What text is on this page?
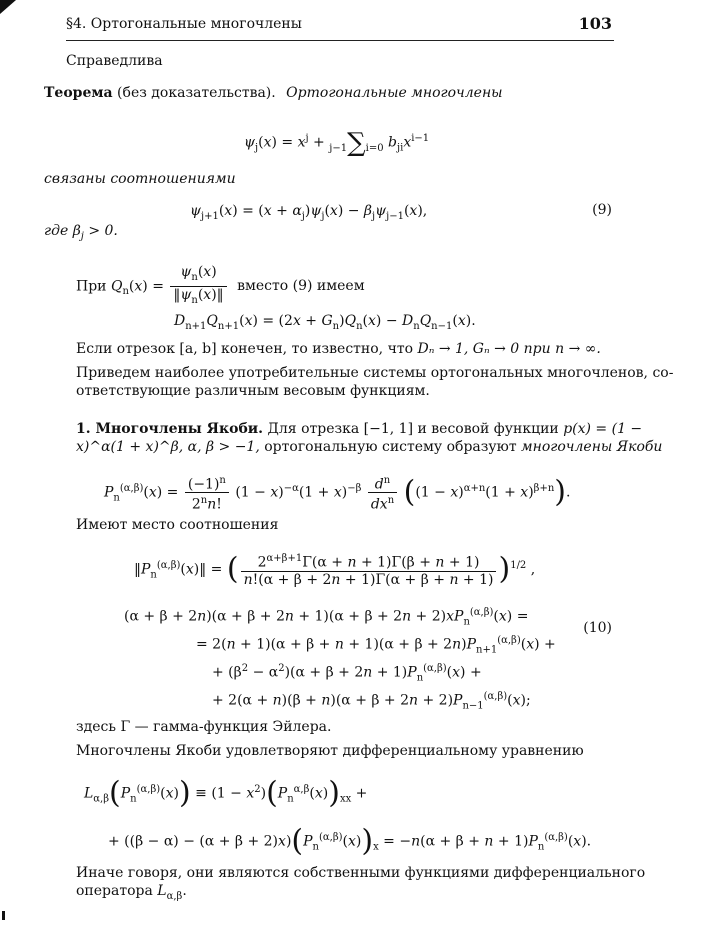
§4. Ортогональные многочлены	103
Справедлива
Теорема (без доказательства). Ортогональные многочлены
$\psi_j(x) = x^j + j-1\sum i=0$ $b_{ji}x^{i-1}$
связаны соотношениями
$\psi_{j+1}(x) = (x + \alpha_j)\psi_j(x) - \beta_j\psi_{j-1}(x)$,	(9)
где $\beta_j > 0$.
При $Q_n(x) = \frac{\psi_n(x)}{‖\psi_n(x)‖}$ вместо (9) имеем
$D_{n+1}Q_{n+1}(x) = (2x + G_n)Q_n(x) - D_nQ_{n-1}(x)$.
Если отрезок [a, b] конечен, то известно, что Dₙ → 1, Gₙ → 0 при n → ∞.
Приведем наиболее употребительные системы ортогональных многочленов, со-
ответствующие различным весовым функциям.
1. Многочлены Якоби. Для отрезка [−1, 1] и весовой функции p(x) = (1 −
x)^α(1 + x)^β, α, β > −1, ортогональную систему образуют многочлены Якоби
$P_n^{(\alpha,\beta)}(x) = \frac{(-1)^n}{2^nn!} (1 - x)^{-\alpha}(1 + x)^{-\beta} \frac{d^n}{dx^n} ((1 - x)^{\alpha+n}(1 + x)^{\beta+n})$.
Имеют место соотношения
$‖P_n^{(\alpha,\beta)}(x)‖$ = ( $\frac{2^{\alpha+\beta+1}\Gamma(\alpha + n + 1)\Gamma(\beta + n + 1)}{n!(\alpha + \beta + 2n + 1)\Gamma(\alpha + \beta + n + 1)} )^{1/2}$ ,
$(\alpha + \beta + 2n)(\alpha + \beta + 2n + 1)(\alpha + \beta + 2n + 2)xP_n^{(\alpha,\beta)}(x)$ =
(10)
= $2(n + 1)(\alpha + \beta + n + 1)(\alpha + \beta + 2n)P_{n+1}^{(\alpha,\beta)}(x)$ +
+ $(\beta^2 - \alpha^2)(\alpha + \beta + 2n + 1)P_n^{(\alpha,\beta)}(x)$ +
+ $2(\alpha + n)(\beta + n)(\alpha + \beta + 2n + 2)P_{n-1}^{(\alpha,\beta)}(x)$;
здесь Γ — гамма-функция Эйлера.
Многочлены Якоби удовлетворяют дифференциальному уравнению
$L_{\alpha,\beta}(P_n^{(\alpha,\beta)}(x)) \equiv (1 - x^2)(P_n^{\alpha,\beta}(x))_{xx}$ +
+ $((\beta - \alpha) - (\alpha + \beta + 2)x)(P_n^{(\alpha,\beta)}(x))_x = -n(\alpha + \beta + n + 1)P_n^{(\alpha,\beta)}(x)$.
Иначе говоря, они являются собственными функциями дифференциального
оператора $L_{\alpha,\beta}$.
